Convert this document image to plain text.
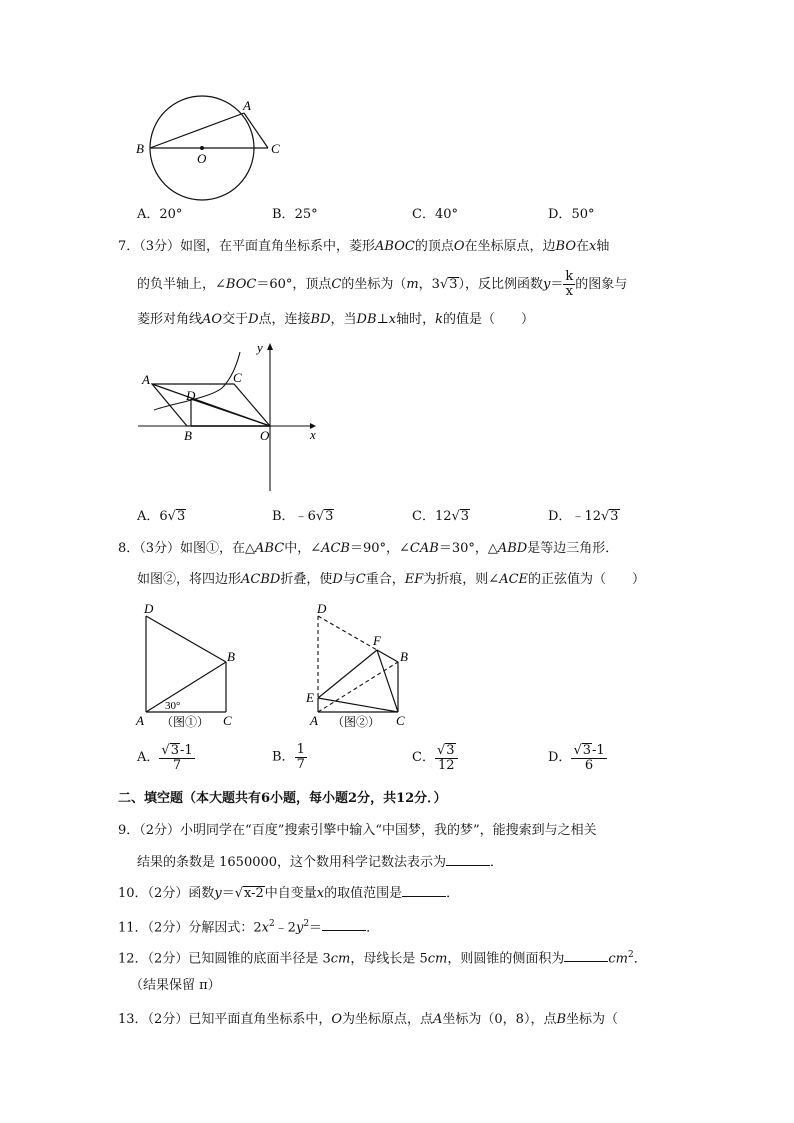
A
B
O
C
A．20°	B．25°	C．40°	D．50°
7．（3分）如图，在平面直角坐标系中，菱形ABOC的顶点O在坐标原点，边BO在x轴
的负半轴上，∠BOC＝60°，顶点C的坐标为（m，3√3），反比例函数$y= \frac{k}{x}$ 的图象与
菱形对角线AO交于D点，连接BD，当DB⊥x轴时，k的值是（　　）
y
x
A	C
D
B	O
A．6√3	B．﹣6√3	C．12√3	D．﹣12√3
8．（3分）如图①，在△ABC中，∠ACB＝90°，∠CAB＝30°，△ABD是等边三角形．
如图②，将四边形ACBD折叠，使D与C重合，EF为折痕，则∠ACE的正弦值为（　　）
D
B
A	C
30°
（图①）
D
F
B
E
A	C
（图②）
A． $\frac{√3-1}{7}$	B． $\frac{1}{7}$	C． $\frac{√3}{12}$	D． $\frac{√3-1}{6}$
二、填空题（本大题共有6小题，每小题2分，共12分．）
9．（2分）小明同学在“百度”搜索引擎中输入“中国梦，我的梦”，能搜索到与之相关
结果的条数是 1650000，这个数用科学记数法表示为	．
10．（2分）函数y＝√x-2中自变量x的取值范围是	．
11．（2分）分解因式：$2x^2﹣2y^2=$	．
12．（2分）已知圆锥的底面半径是 3cm，母线长是 5cm，则圆锥的侧面积为	$cm^2$．
（结果保留 π）
13．（2分）已知平面直角坐标系中，O为坐标原点，点A坐标为（0，8），点B坐标为（
